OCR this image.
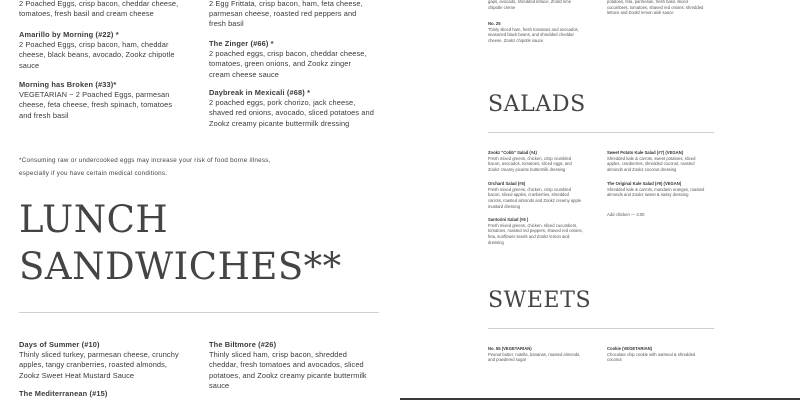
2 Poached Eggs, crisp bacon, cheddar cheese, tomatoes, fresh basil and cream cheese
Amarillo by Morning (#22) *
2 Poached Eggs, crisp bacon, ham, cheddar cheese, black beans, avocado, Zookz chipotle sauce
Morning has Broken (#33)*
VEGETARIAN ~ 2 Poached Eggs, parmesan cheese, feta cheese, fresh spinach, tomatoes and fresh basil
2 Egg Frittata, crisp bacon, ham, feta cheese, parmesan cheese, roasted red peppers and fresh basil
The Zinger (#66) *
2 poached eggs, crisp bacon, cheddar cheese, tomatoes, green onions, and Zookz zinger cream cheese sauce
Daybreak in Mexicali (#68) *
2 poached eggs, pork chorizo, jack cheese, shaved red onions, avocado, sliced potatoes and Zookz creamy picante buttermilk dressing
*Consuming raw or undercooked eggs may increase your risk of food borne illness,
especially if you have certain medical conditions.
LUNCH SANDWICHES**
Days of Summer (#10)
Thinly sliced turkey, parmesan cheese, crunchy apples, tangy cranberries, roasted almonds, Zookz Sweet Heat Mustard Sauce
The Mediterranean (#15)
The Biltmore (#26)
Thinly sliced ham, crisp bacon, shredded cheddar, fresh tomatoes and avocados, sliced potatoes, and Zookz creamy picante buttermilk sauce
gaps, avocado, shredded lettuce, Zookz lime chipotle creme
No. 25
Thinly sliced ham, fresh tomatoes and avocados, seasoned black beans, and shredded cheddar cheese, Zookz chipotle sauce
potatoes, feta, parmesan, fresh basil, sliced cucumbers, tomatoes, shaved red onions, shredded lettuce and Zookz lemon aioli sauce
SALADS
Zookz "Cobb" Salad (#4)
Fresh mixed greens, chicken, crisp crumbled bacon, avocados, tomatoes, sliced eggs, and Zookz creamy picante buttermilk dressing
Orchard Salad (#5)
Fresh mixed greens, chicken, crisp crumbled bacon, sliced apples, cranberries, shredded carrots, roasted almonds and Zookz creamy apple mustard dressing
Santorini Salad (#6 )
Fresh mixed greens, chicken, sliced cucumbers, tomatoes, roasted red peppers, shaved red onions, feta, sunflower seeds and Zookz lemon aioli dressing
Sweet Potato Kale Salad (#7) (VEGAN)
Shredded kale & carrots, sweet potatoes, sliced apples, cranberries, shredded coconut, roasted almonds and Zookz coconut dressing
The Original Kale Salad (#9) (VEGAN)
Shredded kale & carrots, mandarin oranges, roasted almonds and Zookz sweet & sassy dressing
Add chicken — 3.00
SWEETS
No. 55 (VEGETARIAN)
Peanut butter, nutella, bananas, roasted almonds, and powdered sugar
Cookie (VEGETARIAN)
Chocolate chip cookie with oatmeal & shredded coconut
